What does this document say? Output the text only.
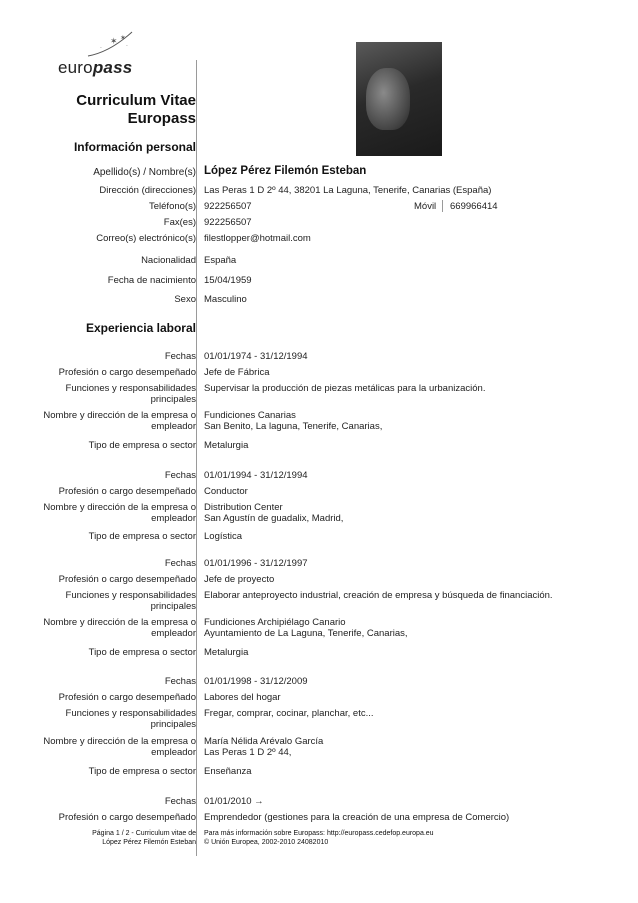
✶ ✶
·	·
europass
Curriculum Vitae
Europass
Información personal
Apellido(s) / Nombre(s) López Pérez Filemón Esteban
Dirección (direcciones) Las Peras 1 D 2º 44, 38201 La Laguna, Tenerife, Canarias (España)
Teléfono(s) 922256507	Móvil 669966414
Fax(es) 922256507
Correo(s) electrónico(s) filestlopper@hotmail.com
Nacionalidad España
Fecha de nacimiento 15/04/1959
Sexo Masculino
Experiencia laboral
Fechas 01/01/1974 - 31/12/1994
Profesión o cargo desempeñado Jefe de Fábrica
Funciones y responsabilidades
principales
Supervisar la producción de piezas metálicas para la urbanización.
Nombre y dirección de la empresa o
empleador
Fundiciones Canarias
San Benito, La laguna, Tenerife, Canarias,
Tipo de empresa o sector Metalurgia
Fechas 01/01/1994 - 31/12/1994
Profesión o cargo desempeñado Conductor
Nombre y dirección de la empresa o
empleador
Distribution Center
San Agustín de guadalix, Madrid,
Tipo de empresa o sector Logística
Fechas 01/01/1996 - 31/12/1997
Profesión o cargo desempeñado Jefe de proyecto
Funciones y responsabilidades
principales
Elaborar anteproyecto industrial, creación de empresa y búsqueda de financiación.
Nombre y dirección de la empresa o
empleador
Fundiciones Archipiélago Canario
Ayuntamiento de La Laguna, Tenerife, Canarias,
Tipo de empresa o sector Metalurgia
Fechas 01/01/1998 - 31/12/2009
Profesión o cargo desempeñado Labores del hogar
Funciones y responsabilidades
principales
Fregar, comprar, cocinar, planchar, etc...
Nombre y dirección de la empresa o
empleador
María Nélida Arévalo García
Las Peras 1 D 2º 44,
Tipo de empresa o sector Enseñanza
Fechas 01/01/2010 →
Profesión o cargo desempeñado Emprendedor (gestiones para la creación de una empresa de Comercio)
Página 1 / 2 - Curriculum vitae de
López Pérez Filemón Esteban
Para más información sobre Europass: http://europass.cedefop.europa.eu
© Unión Europea, 2002-2010 24082010
